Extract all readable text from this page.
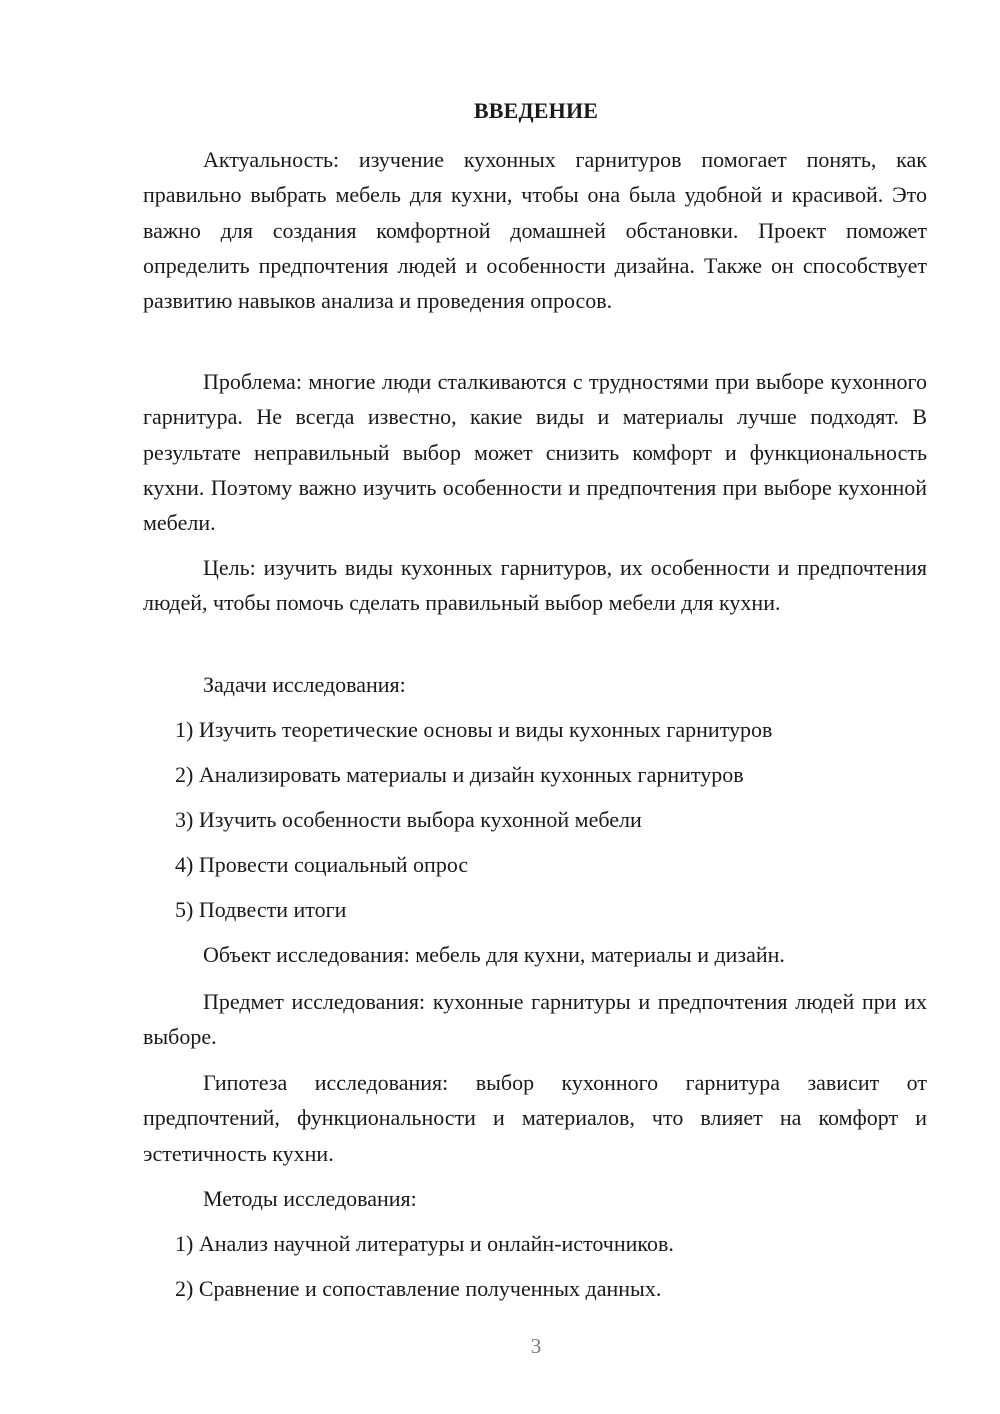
ВВЕДЕНИЕ

Актуальность: изучение кухонных гарнитуров помогает понять, как правильно выбрать мебель для кухни, чтобы она была удобной и красивой. Это важно для создания комфортной домашней обстановки. Проект поможет определить предпочтения людей и особенности дизайна. Также он способствует развитию навыков анализа и проведения опросов.

Проблема: многие люди сталкиваются с трудностями при выборе кухонного гарнитура. Не всегда известно, какие виды и материалы лучше подходят. В результате неправильный выбор может снизить комфорт и функциональность кухни. Поэтому важно изучить особенности и предпочтения при выборе кухонной мебели.

Цель: изучить виды кухонных гарнитуров, их особенности и предпочтения людей, чтобы помочь сделать правильный выбор мебели для кухни.

Задачи исследования:

1) Изучить теоретические основы и виды кухонных гарнитуров

2) Анализировать материалы и дизайн кухонных гарнитуров

3) Изучить особенности выбора кухонной мебели

4) Провести социальный опрос

5) Подвести итоги

Объект исследования: мебель для кухни, материалы и дизайн.

Предмет исследования: кухонные гарнитуры и предпочтения людей при их выборе.

Гипотеза исследования: выбор кухонного гарнитура зависит от предпочтений, функциональности и материалов, что влияет на комфорт и эстетичность кухни.

Методы исследования:

1) Анализ научной литературы и онлайн-источников.

2) Сравнение и сопоставление полученных данных.

3
